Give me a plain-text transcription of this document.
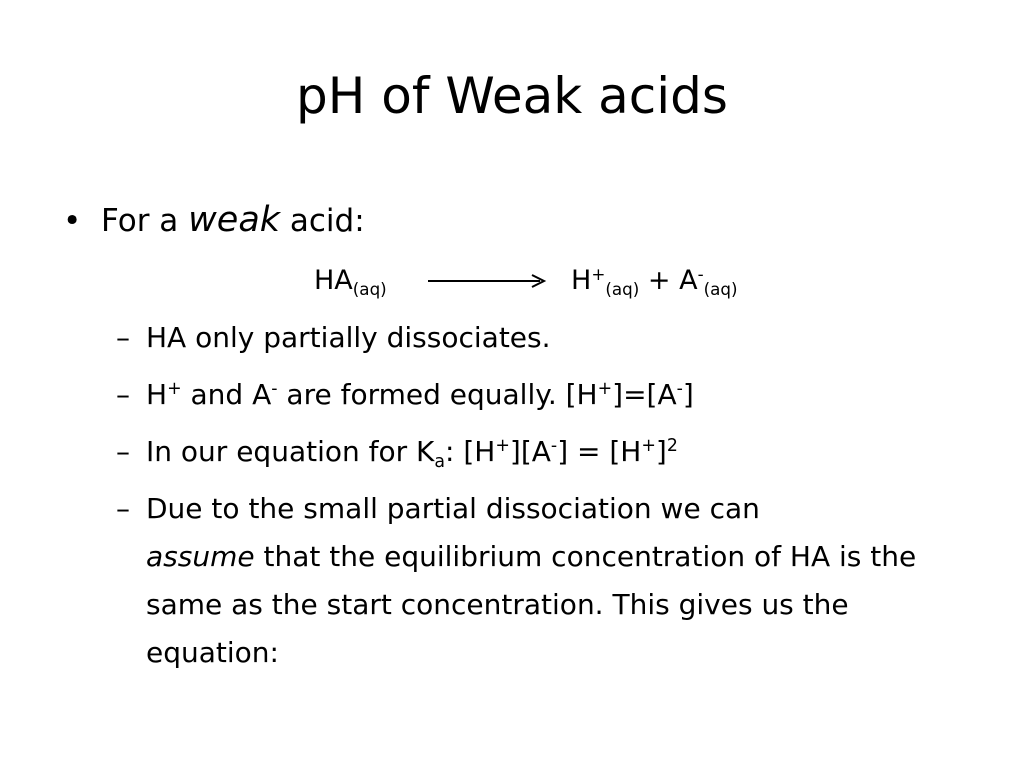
pH of Weak acids
• For a weak acid:
$HA_{(aq)}$	$H^+_{(aq)} + A^-_{(aq)}$
– HA only partially dissociates.
– H+ and A- are formed equally. [H+]=[A-]
– In our equation for $K_a$: $[H^+][A^-] = [H^+]^2$
– Due to the small partial dissociation we can
assume that the equilibrium concentration of HA is the same as the start concentration. This gives us the equation:
